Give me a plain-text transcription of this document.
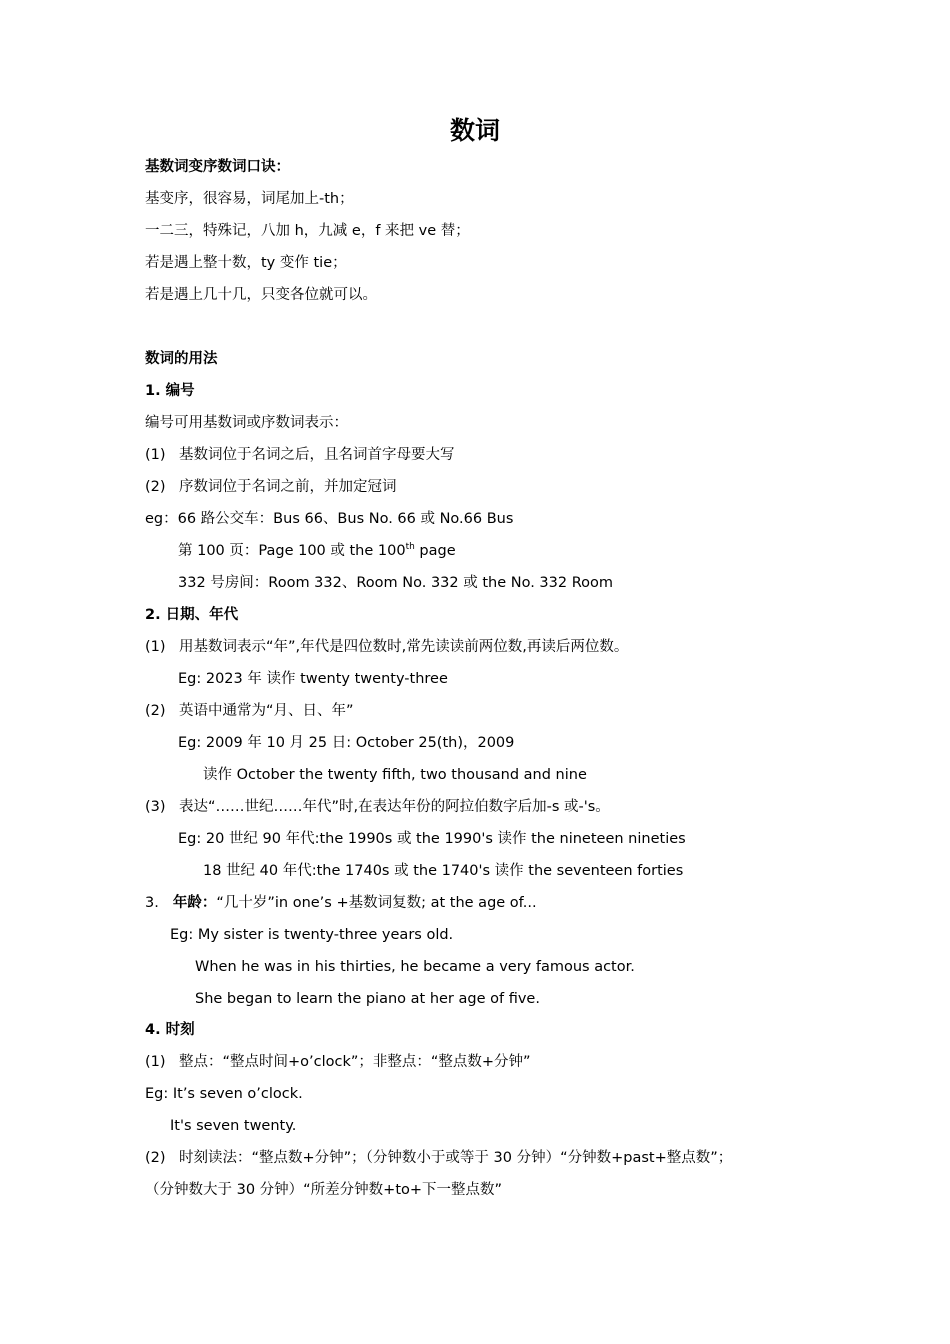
数词
基数词变序数词口诀：
基变序，很容易，词尾加上-th；
一二三，特殊记，八加 h，九减 e，f 来把 ve 替；
若是遇上整十数，ty 变作 tie；
若是遇上几十几，只变各位就可以。
数词的用法
1. 编号
编号可用基数词或序数词表示：
(1) 基数词位于名词之后，且名词首字母要大写
(2) 序数词位于名词之前，并加定冠词
eg：66 路公交车：Bus 66、Bus No. 66 或 No.66 Bus
第 100 页：Page 100 或 the 100th page
332 号房间：Room 332、Room No. 332 或 the No. 332 Room
2. 日期、年代
(1) 用基数词表示“年”,年代是四位数时,常先读读前两位数,再读后两位数。
Eg: 2023 年 读作 twenty twenty-three
(2) 英语中通常为“月、日、年”
Eg: 2009 年 10 月 25 日: October 25(th)，2009
读作 October the twenty fifth, two thousand and nine
(3) 表达“……世纪……年代”时,在表达年份的阿拉伯数字后加-s 或-'s。
Eg: 20 世纪 90 年代:the 1990s 或 the 1990's 读作 the nineteen nineties
18 世纪 40 年代:the 1740s 或 the 1740's 读作 the seventeen forties
3. 年龄：“几十岁”in one’s +基数词复数; at the age of...
Eg: My sister is twenty-three years old.
When he was in his thirties, he became a very famous actor.
She began to learn the piano at her age of five.
4. 时刻
(1) 整点：“整点时间+o’clock”；非整点：“整点数+分钟”
Eg: It’s seven o’clock.
It's seven twenty.
(2) 时刻读法：“整点数+分钟”；（分钟数小于或等于 30 分钟）“分钟数+past+整点数”；
（分钟数大于 30 分钟）“所差分钟数+to+下一整点数”
